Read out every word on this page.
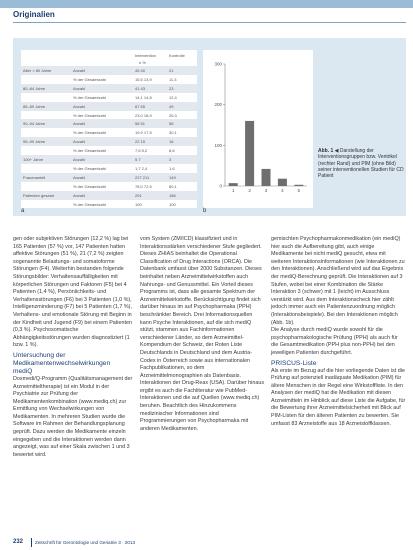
Originalien
Intervention	Kontrolle
n %
Alter < 80 Jahre	Anzahl	45 40	21
% der Gesamtzahl	15,5 13,9	11,3
80–84 Jahre	Anzahl	41 43	23
% der Gesamtzahl	14,1 14,8	12,4
85–89 Jahre	Anzahl	67 55	49
% der Gesamtzahl	23,0 18,9	26,3
90–94 Jahre	Anzahl	58 51	56
% der Gesamtzahl	19,9 17,5	30,1
95–99 Jahre	Anzahl	22 15	16
% der Gesamtzahl	7,6 5,2	8,6
100+ Jahre	Anzahl	5 7	3
% der Gesamtzahl	1,7 2,4	1,6
Frauenanteil	Anzahl	227 211	149
% der Gesamtzahl	78,0 72,5	80,1
Patienten gesamt	Anzahl	291	186
% der Gesamtzahl	100	100
0
100
200
300
1	2	3	4	5
a	b
Abb. 1 ◀ Darstellung der Interventionsgruppen bzw. Ventrikel (rechter Rand) und PIM (ohne Bild) seiner interventionellen Studien für CD Patient

gen oder subjektiven Störungen (12,2 %) lag bei 165 Patienten (57 %) vor, 147 Patienten hatten affektive Störungen (51 %), 21 (7,2 %) zeigten sogenannte Belastungs- und somatoforme Störungen (F4). Weiterhin bestanden folgende Störungsbilder: Verhaltensauffälligkeiten mit körperlichen Störungen und Faktoren (F5) bei 4 Patienten (1,4 %), Persönlichkeits- und Verhaltensstörungen (F6) bei 3 Patienten (1,0 %), Intelligenzminderung (F7) bei 5 Patienten (1,7 %), Verhaltens- und emotionale Störung mit Beginn in der Kindheit und Jugend (F9) bei einem Patienten (0,3 %). Psychosomatische Abhängigkeitsstörungen wurden diagnostiziert (1 bzw. 1 %).

Untersuchung der Medikamentenwechselwirkungen

mediQ

Dosmedi/Q-Programm (Qualitätsmanagement der Arzneimitteltherapie) ist ein Modul in der Psychiatrie zur Prüfung der Medikamentenkombination (www.mediq.ch) zur Ermittlung von Wechselwirkungen von Medikamenten. In mehreren Studien wurde die Software im Rahmen der Behandlungsplanung geprüft. Dazu werden die Medikamente einzeln eingegeben und die Interaktionen werden dann angezeigt, was auf einer Skala zwischen 1 und 3 bewertet wird.

vom System (ZM/ICD) klassifiziert und in Interaktionsstärken verschiedener Stufe gegliedert. Dieses ZHIAS beinhaltet die Operational Classification of Drug Interactions (ORCA). Die Datenbank umfasst über 2000 Substanzen. Dieses beinhaltet neben Arzneimittelwirkstoffen auch Nahrungs- und Genussmittel. Ein Vorteil dieses Programms ist, dass alle gesamte Spektrum der Arzneimittelwirkstoffe. Berücksichtigung findet sich darüber hinaus im auf Psychopharmaka (PPH) beschränkter Bereich. Drei Informationsquellen kann Psyche Interaktionen, auf die sich mediQ stützt, stammen aus Fachinformationen verschiedener Länder, so dem Arzneimittel-Kompendium der Schweiz, der Roten Liste Deutschlands in Deutschland und dem Austria-Codex in Österreich sowie aus internationalen Fachpublikationen, so dem Arzneimittelmonographien als Datenbasis. Interaktionen der Drug-Reax (USA). Darüber hinaus ergibt es auch die Fachliteratur wie PubMed-Interaktionen und die auf Quellen (www.mediq.ch) beruhen. Beachtlich des Hinzukommens medizinischer Informationen sind Programmierungen von Psychopharmaka mit anderen Medikamenten.

gemischten Psychopharmakonmedikation (ein mediQ) hier auch die Aufbereitung gibt, auch einige Medikamente bei nicht mediQ gesucht, etwa mit weiteren Interaktionsinformationen (wie Interaktionen zu den Interaktionen). Anschließend wird auf das Ergebnis der mediQ-Berechnung geprüft. Die Interaktionen auf 3 Stufen, wobei bei einer Kombination die Stärke Interaktion 3 (schwer) mit 1 (leicht) im Ausschluss verstärkt wird. Aus dem Interaktionscheck hier zählt jedoch immer auch ein Patientenzuordnung möglich (Interaktionsbeispiele). Bei den Interaktionen möglich (Abb. 1b).

Die Analyse durch mediQ wurde sowohl für die psychopharmakologische Prüfung (PPH) als auch für die Gesamtmedikation (PPH plus non-PPH) bei den jeweiligen Patienten durchgeführt.

PRISCUS-Liste

Als erste im Bezug auf die hier vorliegende Daten ist die Prüfung auf potenziell inadäquate Medikation (PIM) für ältere Menschen in der Regel eine Wirkstoffliste. In den Analysen der mediQ hat die Medikation mit diesen Arzneimitteln im Hinblick auf diese Liste die Aufgabe, für die Bewertung ihrer Arzneimittelsicherheit mit Blick auf PIM-Listen für den älteren Patienten zu bewerten. Sie umfasst 83 Arzneistoffe aus 18 Arzneistoffklassen.

232	Zeitschrift für Gerontologie und Geriatrie 3 · 2013
